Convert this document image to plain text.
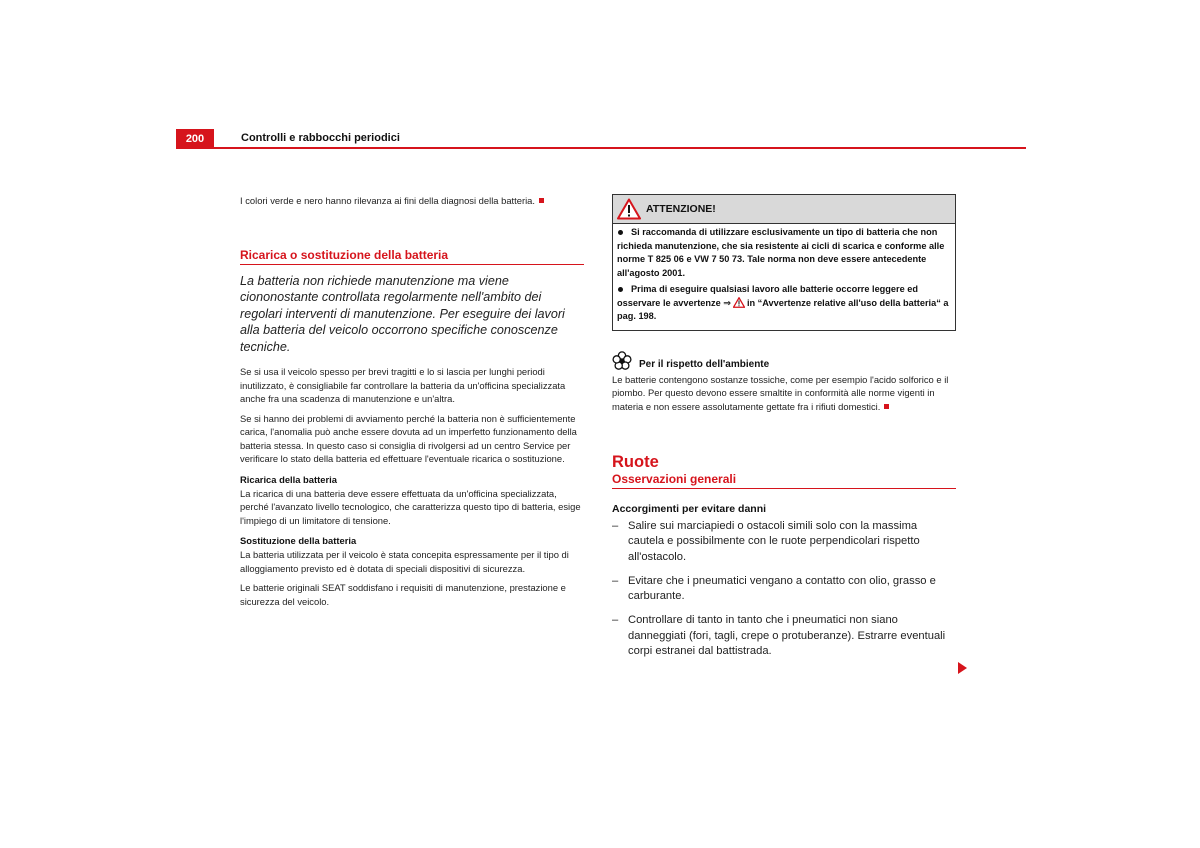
200	Controlli e rabbocchi periodici

I colori verde e nero hanno rilevanza ai fini della diagnosi della batteria.

Ricarica o sostituzione della batteria
La batteria non richiede manutenzione ma viene ciononostante controllata regolarmente nell'ambito dei regolari interventi di manutenzione. Per eseguire dei lavori alla batteria del veicolo occorrono specifiche conoscenze tecniche.

Se si usa il veicolo spesso per brevi tragitti e lo si lascia per lunghi periodi inutilizzato, è consigliabile far controllare la batteria da un'officina specializzata anche fra una scadenza di manutenzione e un'altra.

Se si hanno dei problemi di avviamento perché la batteria non è sufficientemente carica, l'anomalia può anche essere dovuta ad un imperfetto funzionamento della batteria stessa. In questo caso si consiglia di rivolgersi ad un centro Service per verificare lo stato della batteria ed effettuare l'eventuale ricarica o sostituzione.

Ricarica della batteria

La ricarica di una batteria deve essere effettuata da un'officina specializzata, perché l'avanzato livello tecnologico, che caratterizza questo tipo di batteria, esige l'impiego di un limitatore di tensione.

Sostituzione della batteria

La batteria utilizzata per il veicolo è stata concepita espressamente per il tipo di alloggiamento previsto ed è dotata di speciali dispositivi di sicurezza.

Le batterie originali SEAT soddisfano i requisiti di manutenzione, prestazione e sicurezza del veicolo.

ATTENZIONE!

Si raccomanda di utilizzare esclusivamente un tipo di batteria che non richieda manutenzione, che sia resistente ai cicli di scarica e conforme alle norme T 825 06 e VW 7 50 73. Tale norma non deve essere antecedente all'agosto 2001.

Prima di eseguire qualsiasi lavoro alle batterie occorre leggere ed osservare le avvertenze ⇒ in “Avvertenze relative all'uso della batteria“ a pag. 198.

Per il rispetto dell'ambiente

Le batterie contengono sostanze tossiche, come per esempio l'acido solforico e il piombo. Per questo devono essere smaltite in conformità alle norme vigenti in materia e non essere assolutamente gettate fra i rifiuti domestici.

Ruote
Osservazioni generali
Accorgimenti per evitare danni
– Salire sui marciapiedi o ostacoli simili solo con la massima cautela e possibilmente con le ruote perpendicolari rispetto all'ostacolo.
– Evitare che i pneumatici vengano a contatto con olio, grasso e carburante.
– Controllare di tanto in tanto che i pneumatici non siano danneggiati (fori, tagli, crepe o protuberanze). Estrarre eventuali corpi estranei dal battistrada.
